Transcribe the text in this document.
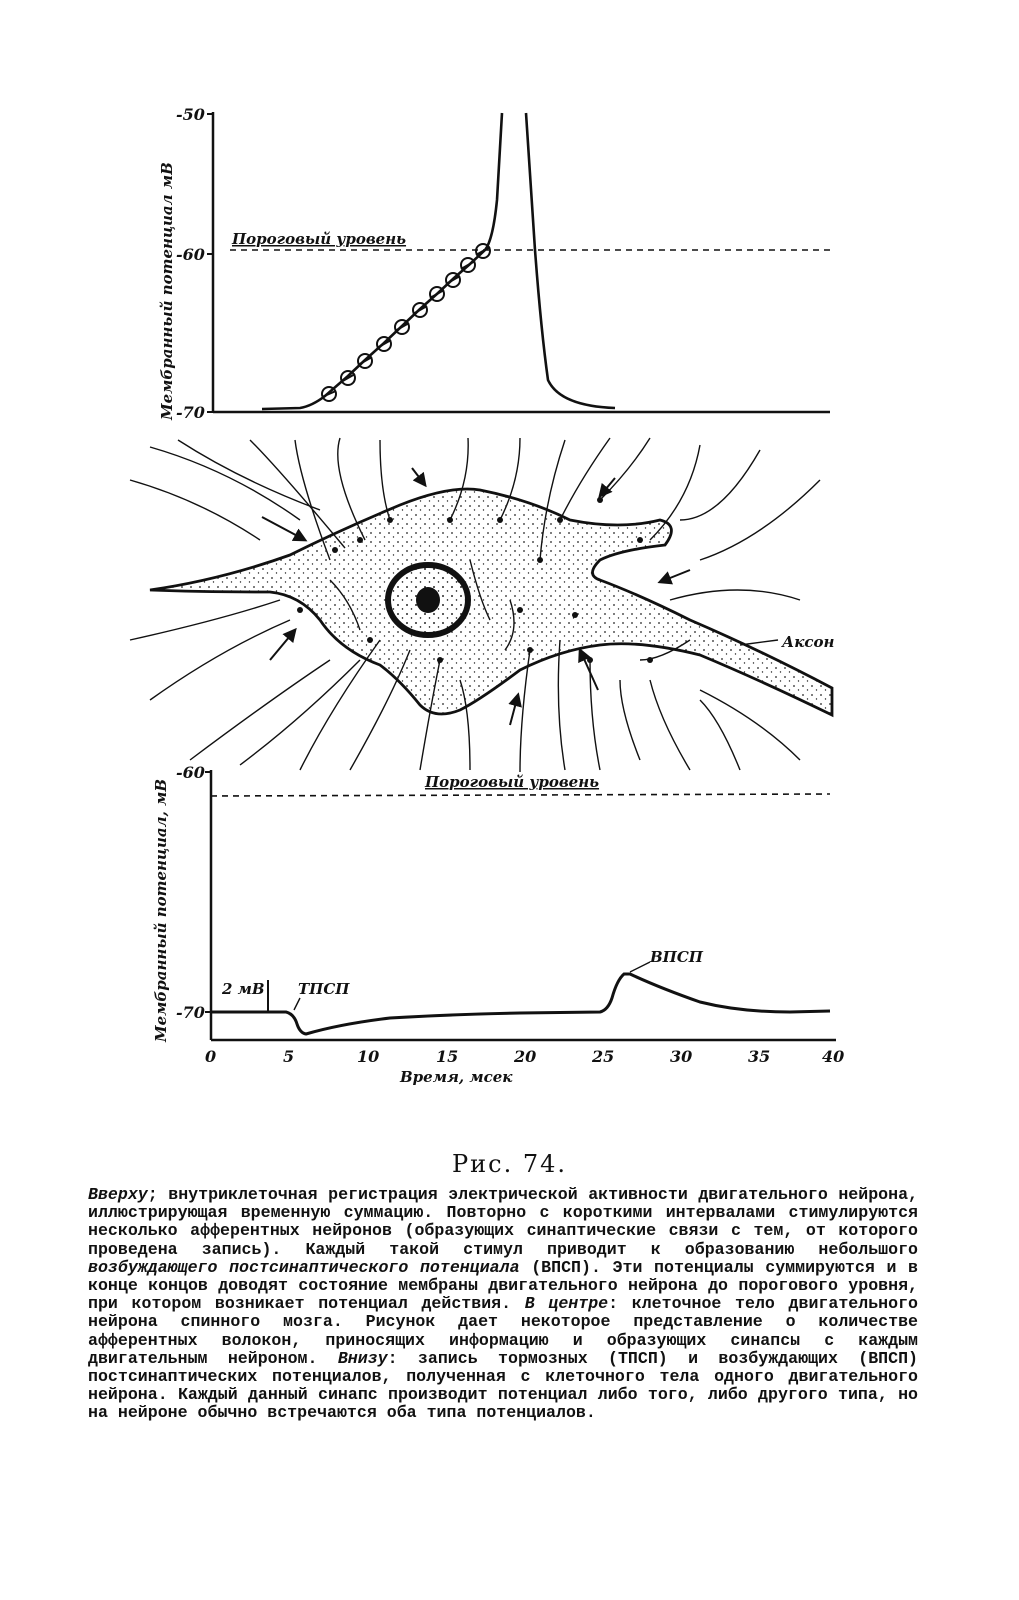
-50
-60
-70
Мембранный потенциал мВ	Пороговый уровень
Аксон
-60
-70
Мембранный потенциал, мВ	Пороговый уровень
0	5	10	15	20	25	30	35	40
Время, мсек
2 мВ ТПСП
ВПСП
Рис. 74.

Вверху; внутриклеточная регистрация электрической активности двигательного нейрона, иллюстрирующая временную суммацию. Повторно с короткими интервалами стимулируются несколько афферентных нейронов (образующих синаптические связи с тем, от которого проведена запись). Каждый такой стимул приводит к образованию небольшого возбуждающего постсинаптического потенциала (ВПСП). Эти потенциалы суммируются и в конце концов доводят состояние мембраны двигательного нейрона до порогового уровня, при котором возникает потенциал действия. В центре: клеточное тело двигательного нейрона спинного мозга. Рисунок дает некоторое представление о количестве афферентных волокон, приносящих информацию и образующих синапсы с каждым двигательным нейроном. Внизу: запись тормозных (ТПСП) и возбуждающих (ВПСП) постсинаптических потенциалов, полученная с клеточного тела одного двигательного нейрона. Каждый данный синапс производит потенциал либо того, либо другого типа, но на нейроне обычно встречаются оба типа потенциалов.
